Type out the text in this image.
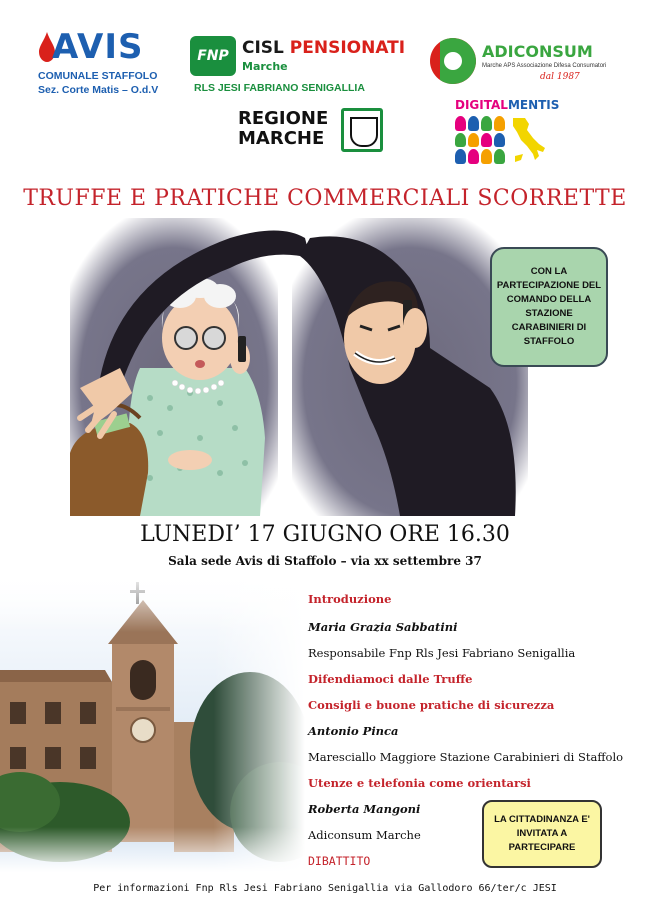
AVIS
COMUNALE STAFFOLO
Sez. Corte Matis – O.d.V
FNP CISL PENSIONATI
Marche
RLS JESI FABRIANO SENIGALLIA
ADICONSUM
Marche APS Associazione Difesa Consumatori
dal 1987
REGIONE
MARCHE
DIGITALMENTIS
TRUFFE E PRATICHE COMMERCIALI SCORRETTE
CON LA PARTECIPAZIONE DEL COMANDO DELLA STAZIONE CARABINIERI DI STAFFOLO
LUNEDI’ 17 GIUGNO ORE 16.30
Sala sede Avis di Staffolo – via xx settembre 37
Introduzione
Maria Grazia Sabbatini
Responsabile Fnp Rls Jesi Fabriano Senigallia
Difendiamoci dalle Truffe
Consigli e buone pratiche di sicurezza
Antonio Pinca
Maresciallo Maggiore Stazione Carabinieri di Staffolo
Utenze e telefonia come orientarsi
Roberta Mangoni
Adiconsum Marche
DIBATTITO
LA CITTADINANZA E' INVITATA A PARTECIPARE
Per informazioni Fnp Rls Jesi Fabriano Senigallia via Gallodoro 66/ter/c JESI
